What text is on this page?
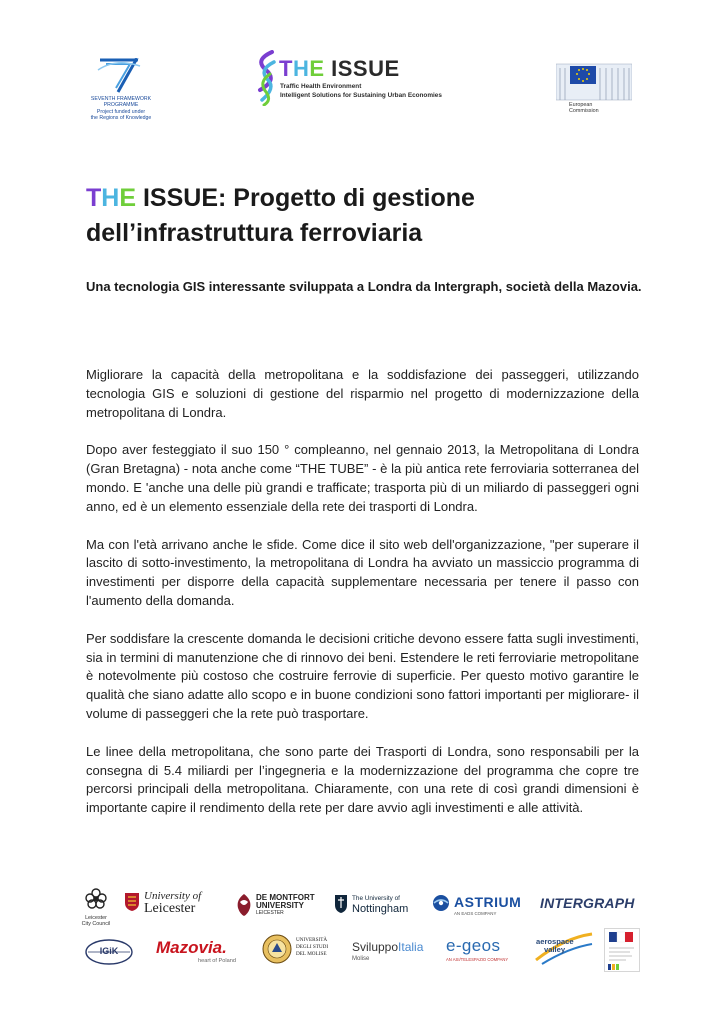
SEVENTH FRAMEWORK
PROGRAMME
Project funded under
the Regions of Knowledge
THE ISSUE
Traffic Health Environment
Intelligent Solutions for Sustaining Urban Economies
European
Commission
THE ISSUE: Progetto di gestione
dell’infrastruttura ferroviaria

Una tecnologia GIS interessante sviluppata a Londra da Intergraph, società della Mazovia.

Migliorare la capacità della metropolitana e la soddisfazione dei passeggeri, utilizzando tecnologia GIS e soluzioni di gestione del risparmio nel progetto di modernizzazione della metropolitana di Londra.

Dopo aver festeggiato il suo 150 ° compleanno, nel gennaio 2013, la Metropolitana di Londra (Gran Bretagna) - nota anche come “THE TUBE” - è la più antica rete ferroviaria sotterranea del mondo. E 'anche una delle più grandi e trafficate; trasporta più di un miliardo di passeggeri ogni anno, ed è un elemento essenziale della rete dei trasporti di Londra.

Ma con l'età arrivano anche le sfide. Come dice il sito web dell'organizzazione, "per superare il lascito di sotto-investimento, la metropolitana di Londra ha avviato un massiccio programma di investimenti per disporre della capacità supplementare necessaria per tenere il passo con l'aumento della domanda.

Per soddisfare la crescente domanda le decisioni critiche devono essere fatta sugli investimenti, sia in termini di manutenzione che di rinnovo dei beni. Estendere le reti ferroviarie metropolitane è notevolmente più costoso che costruire ferrovie di superficie. Per questo motivo garantire le qualità che siano adatte allo scopo e in buone condizioni sono fattori importanti per migliorare- il volume di passeggeri che la rete può trasportare.

Le linee della metropolitana, che sono parte dei Trasporti di Londra, sono responsabili per la consegna di 5.4 miliardi per l’ingegneria e la modernizzazione del programma che copre tre percorsi principali della metropolitana. Chiaramente, con una rete di così grandi dimensioni è importante capire il rendimento della rete per dare avvio agli investimenti e alle attività.

Leicester
City Council
University of
Leicester
DE MONTFORT
UNIVERSITY
LEICESTER
The University of
Nottingham	ASTRIUM
AN EADS COMPANY
INTERGRAPH
IGiK	Mazovia.
heart of Poland
UNIVERSITÀ
DEGLI STUDI
DEL MOLISE SviluppoItalia
Molise
e-geos
AN ASI/TELESPAZIO COMPANY
aerospace
valley
